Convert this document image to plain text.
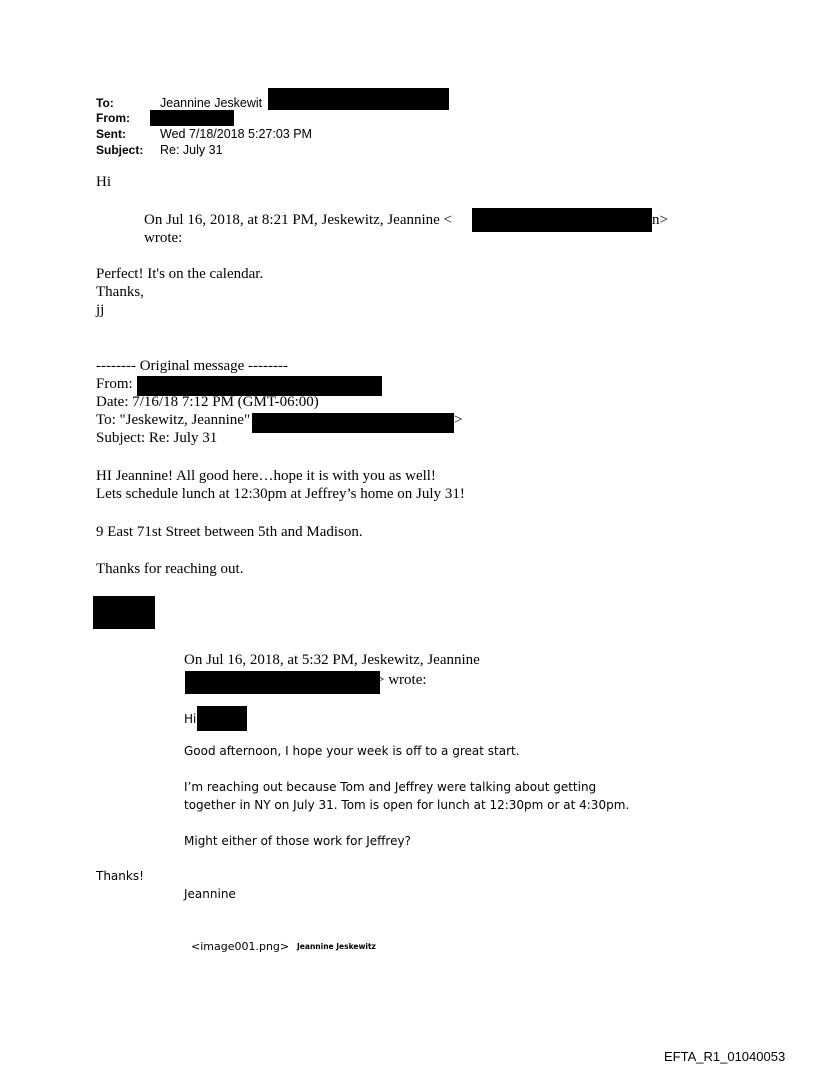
To:	Jeannine Jeskewit
From:
Sent:	Wed 7/18/2018 5:27:03 PM
Subject: Re: July 31
Hi
On Jul 16, 2018, at 8:21 PM, Jeskewitz, Jeannine <	n>
wrote:
Perfect! It's on the calendar.
Thanks,
jj
-------- Original message --------
From:
Date: 7/16/18 7:12 PM (GMT-06:00)
To: "Jeskewitz, Jeannine"	>
Subject: Re: July 31
HI Jeannine! All good here…hope it is with you as well!
Lets schedule lunch at 12:30pm at Jeffrey’s home on July 31!
9 East 71st Street between 5th and Madison.
Thanks for reaching out.
On Jul 16, 2018, at 5:32 PM, Jeskewitz, Jeannine
> wrote:
Hi
Good afternoon, I hope your week is off to a great start.
I’m reaching out because Tom and Jeffrey were talking about getting
together in NY on July 31. Tom is open for lunch at 12:30pm or at 4:30pm.
Might either of those work for Jeffrey?
Thanks!
Jeannine
<image001.png> Jeannine Jeskewitz
EFTA_R1_01040053
